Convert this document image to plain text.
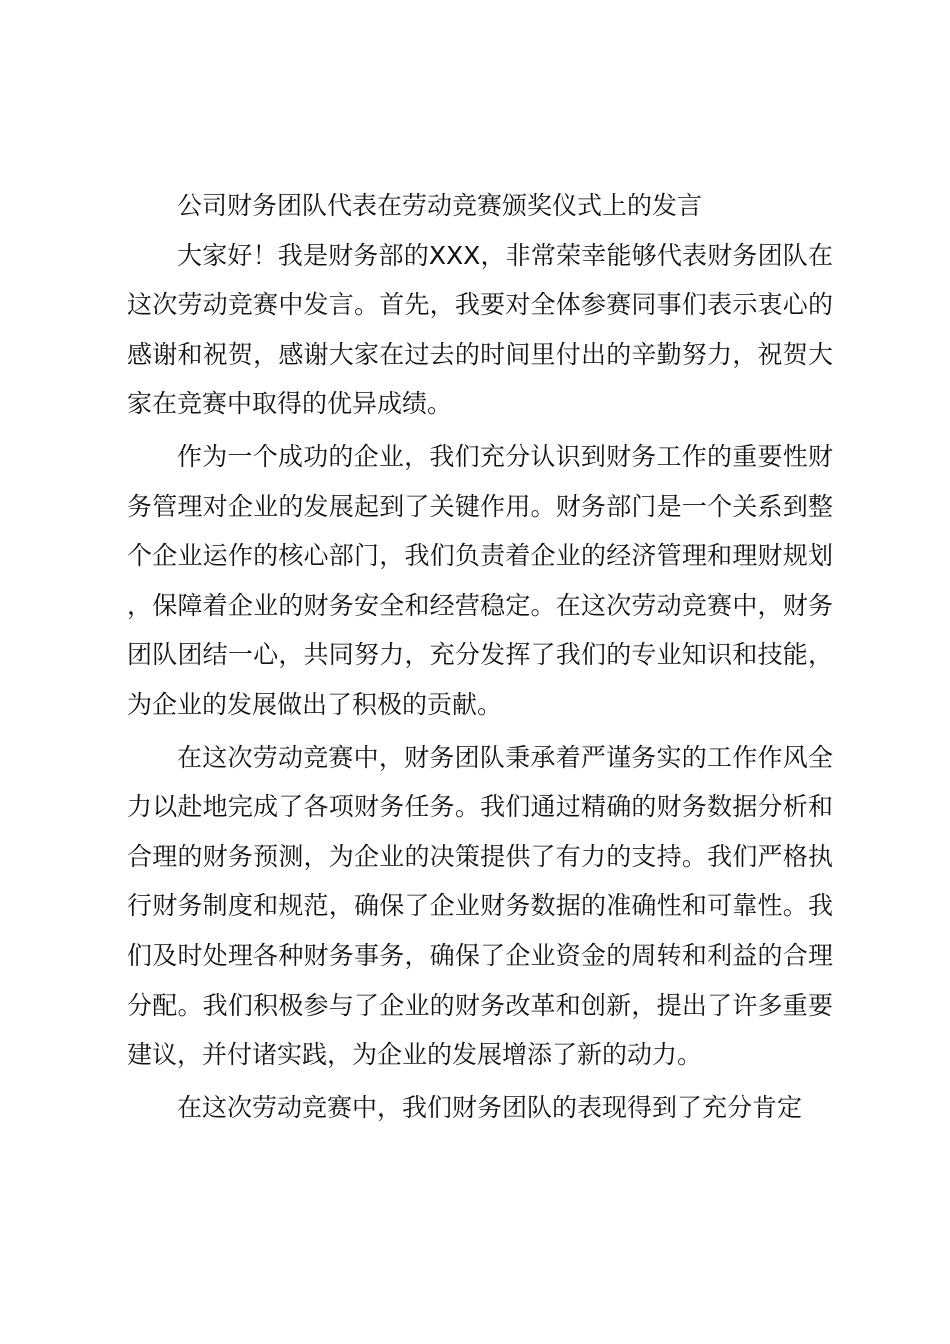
公司财务团队代表在劳动竞赛颁奖仪式上的发言

大家好！我是财务部的XXX，非常荣幸能够代表财务团队在这次劳动竞赛中发言。首先，我要对全体参赛同事们表示衷心的感谢和祝贺，感谢大家在过去的时间里付出的辛勤努力，祝贺大家在竞赛中取得的优异成绩。

作为一个成功的企业，我们充分认识到财务工作的重要性财务管理对企业的发展起到了关键作用。财务部门是一个关系到整个企业运作的核心部门，我们负责着企业的经济管理和理财规划，保障着企业的财务安全和经营稳定。在这次劳动竞赛中，财务团队团结一心，共同努力，充分发挥了我们的专业知识和技能，为企业的发展做出了积极的贡献。

在这次劳动竞赛中，财务团队秉承着严谨务实的工作作风全力以赴地完成了各项财务任务。我们通过精确的财务数据分析和合理的财务预测，为企业的决策提供了有力的支持。我们严格执行财务制度和规范，确保了企业财务数据的准确性和可靠性。我们及时处理各种财务事务，确保了企业资金的周转和利益的合理分配。我们积极参与了企业的财务改革和创新，提出了许多重要建议，并付诸实践，为企业的发展增添了新的动力。

在这次劳动竞赛中，我们财务团队的表现得到了充分肯定
